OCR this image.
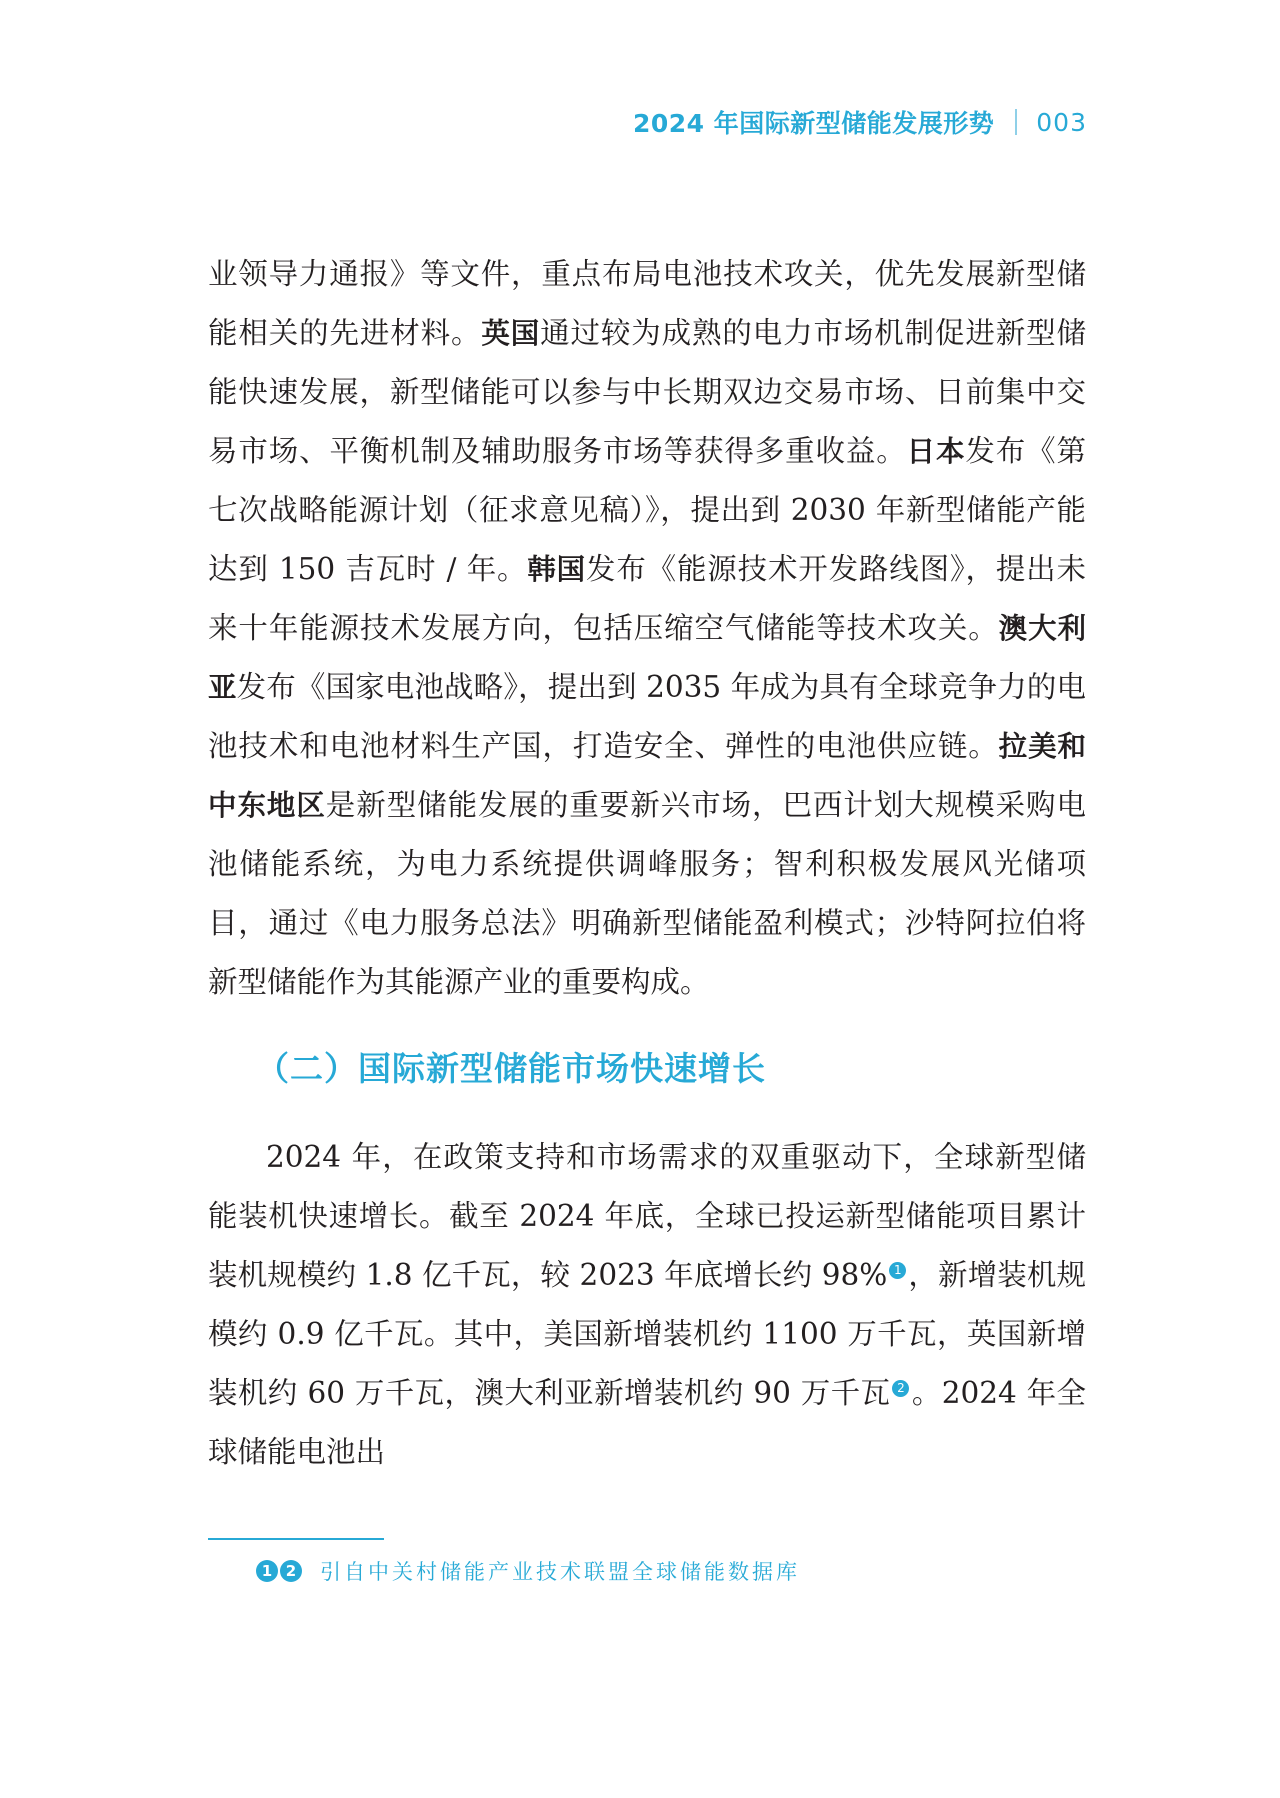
2024 年国际新型储能发展形势 003

业领导力通报》等文件，重点布局电池技术攻关，优先发展新型储能相关的先进材料。英国通过较为成熟的电力市场机制促进新型储能快速发展，新型储能可以参与中长期双边交易市场、日前集中交易市场、平衡机制及辅助服务市场等获得多重收益。日本发布《第七次战略能源计划（征求意见稿）》，提出到 2030 年新型储能产能达到 150 吉瓦时 / 年。韩国发布《能源技术开发路线图》，提出未来十年能源技术发展方向，包括压缩空气储能等技术攻关。澳大利亚发布《国家电池战略》，提出到 2035 年成为具有全球竞争力的电池技术和电池材料生产国，打造安全、弹性的电池供应链。拉美和中东地区是新型储能发展的重要新兴市场，巴西计划大规模采购电池储能系统，为电力系统提供调峰服务；智利积极发展风光储项目，通过《电力服务总法》明确新型储能盈利模式；沙特阿拉伯将新型储能作为其能源产业的重要构成。

（二）国际新型储能市场快速增长

2024 年，在政策支持和市场需求的双重驱动下，全球新型储能装机快速增长。截至 2024 年底，全球已投运新型储能项目累计装机规模约 1.8 亿千瓦，较 2023 年底增长约 98% 1 ，新增装机规模约 0.9 亿千瓦。其中，美国新增装机约 1100 万千瓦，英国新增装机约 60 万千瓦，澳大利亚新增装机约 90 万千瓦 2 。2024 年全球储能电池出

1 2 引自中关村储能产业技术联盟全球储能数据库
